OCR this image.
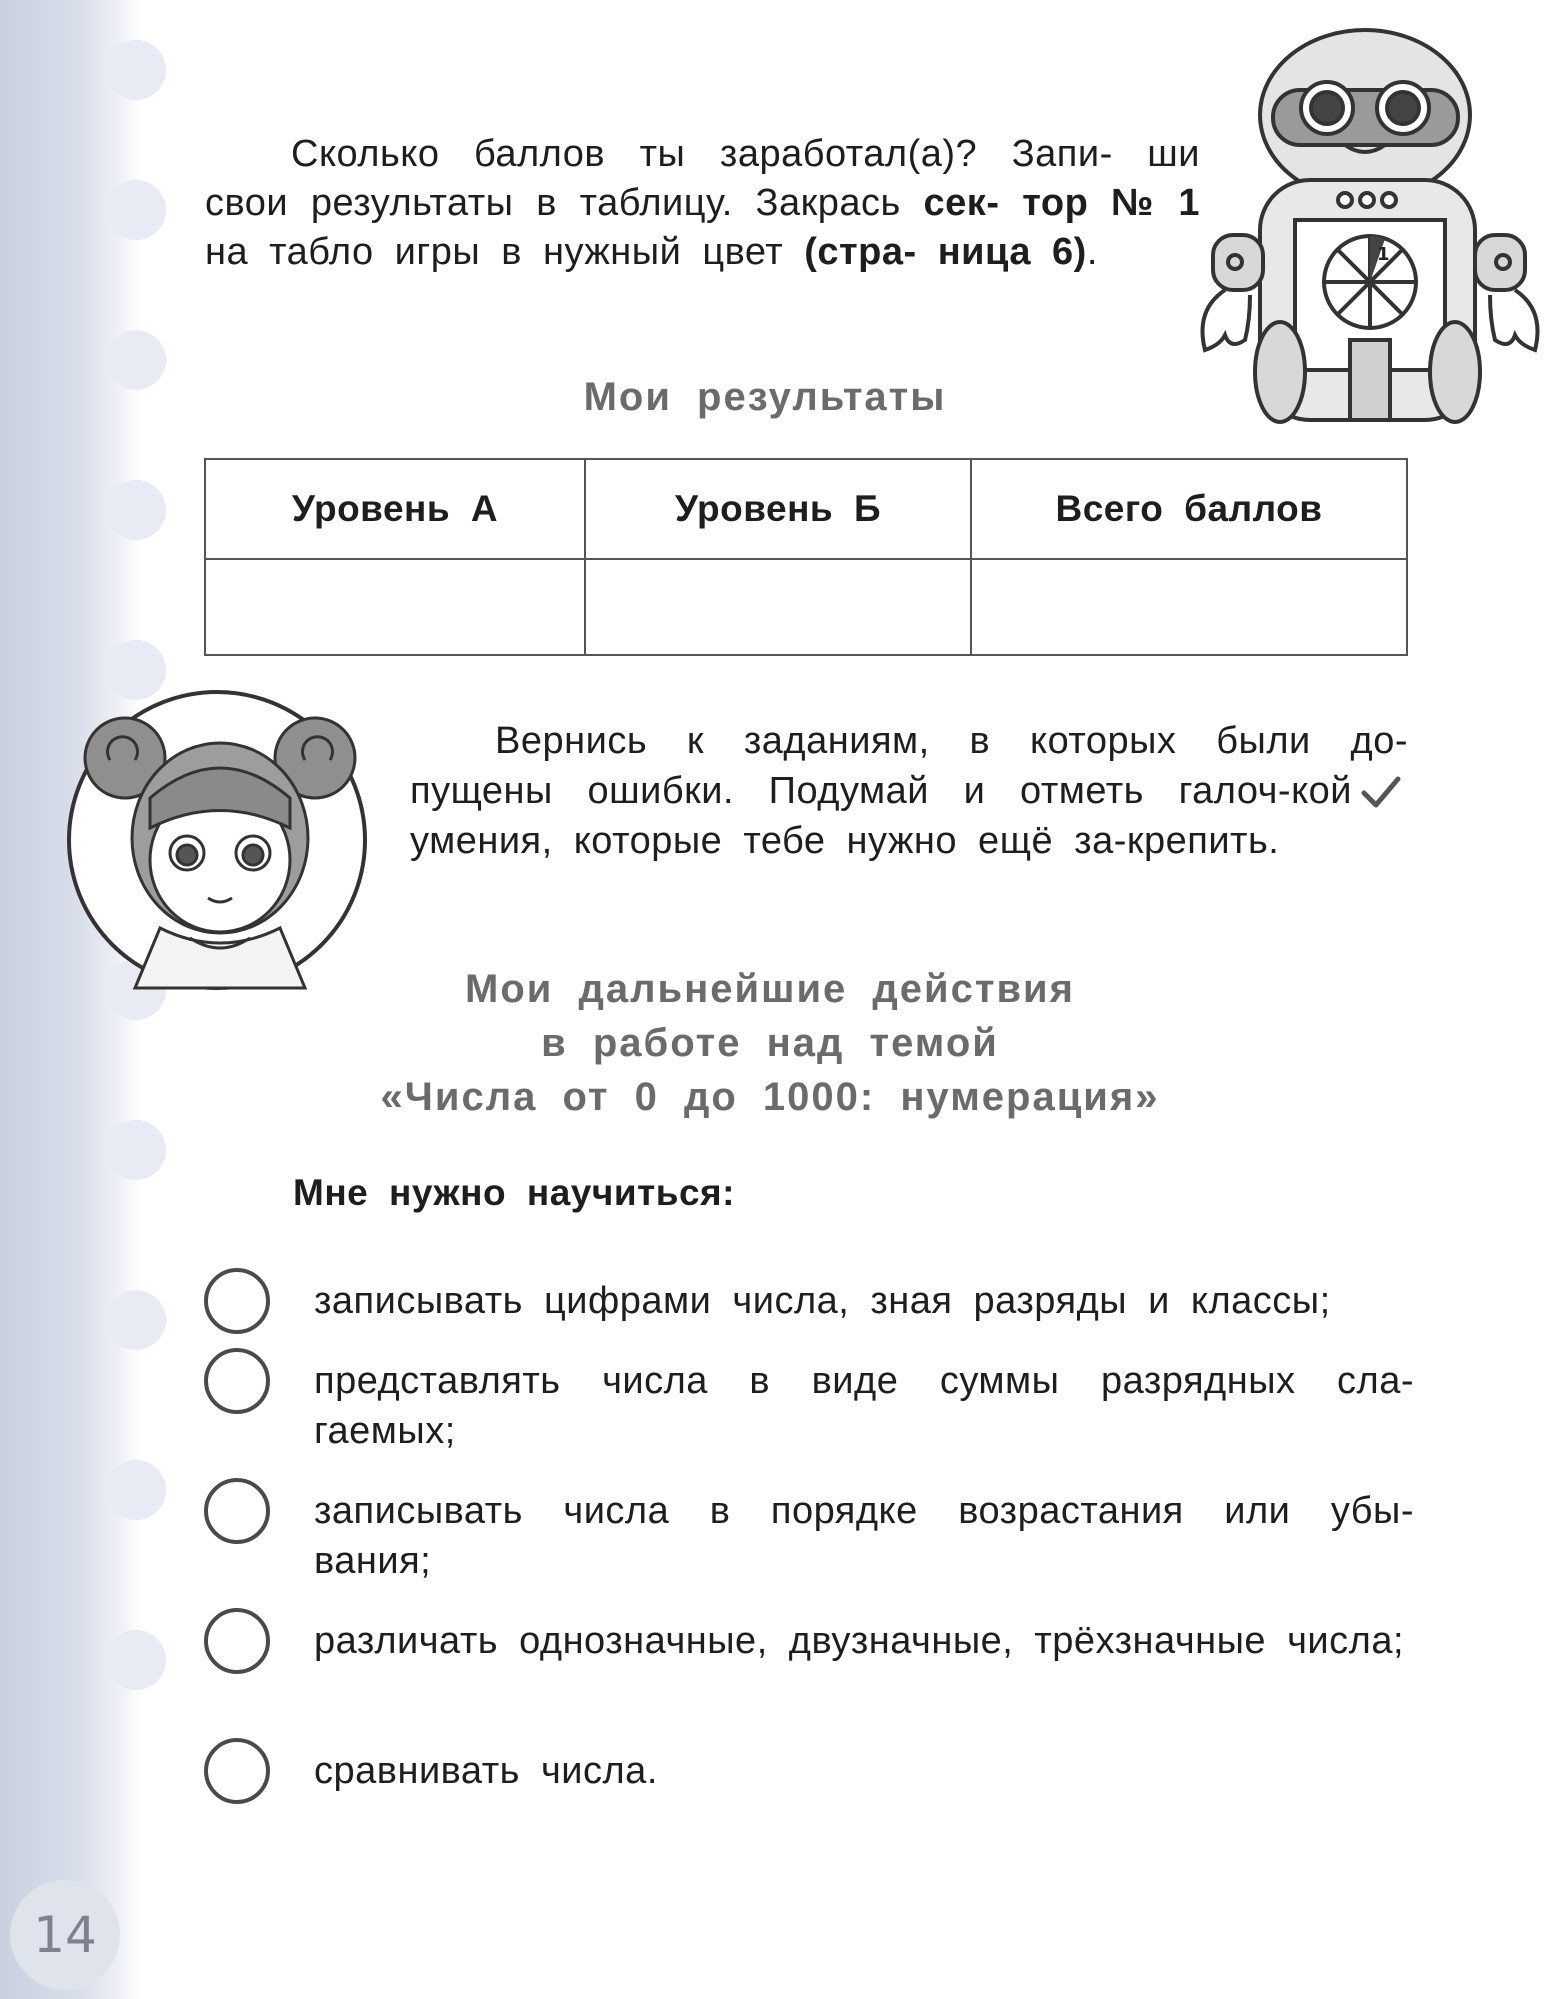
14
1

Сколько баллов ты заработал(а)? Запи- ши свои результаты в таблицу. Закрась сек- тор № 1 на табло игры в нужный цвет (стра- ница 6).

Мои результаты
Уровень А	Уровень Б	Всего баллов

Вернись к заданиям, в которых были до-пущены ошибки. Подумай и отметь галоч-койумения, которые тебе нужно ещё за-крепить.

Мои дальнейшие действия
в работе над темой
«Числа от 0 до 1000: нумерация»

Мне нужно научиться:

записывать цифрами числа, зная разряды и классы;

представлять числа в виде суммы разрядных сла-гаемых;

записывать числа в порядке возрастания или убы-вания;

различать однозначные, двузначные, трёхзначные числа;

сравнивать числа.
